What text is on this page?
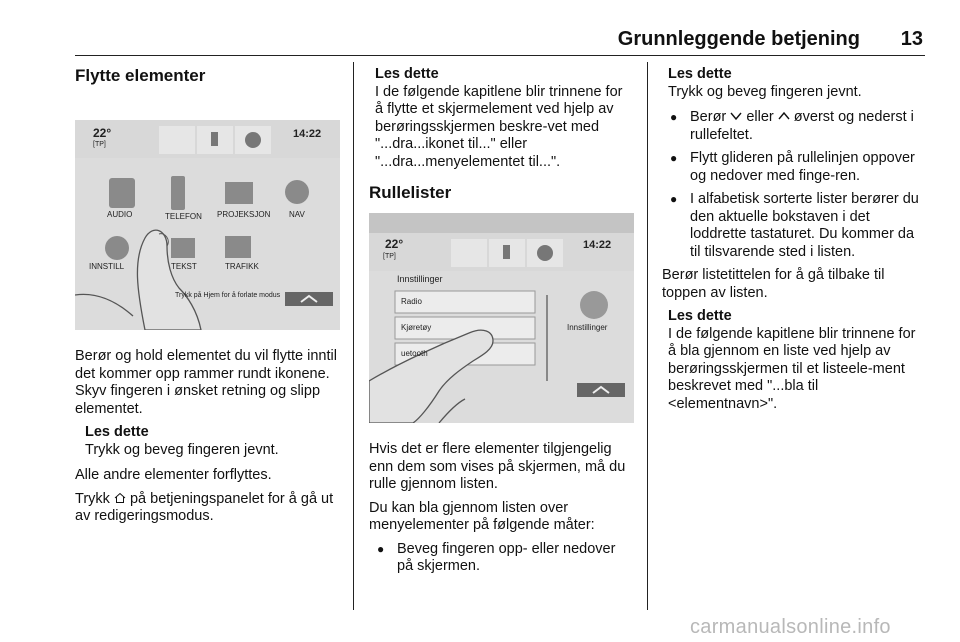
Grunnleggende betjening 13
Flytte elementer
22°
[TP]
14:22
AUDIO	TELEFON PROJEKSJON NAV
INNSTILL	TEKST	TRAFIKK
Trykk på Hjem for å forlate modus

Berør og hold elementet du vil flytte inntil det kommer opp rammer rundt ikonene. Skyv fingeren i ønsket retning og slipp elementet.

Les dette
Trykk og beveg fingeren jevnt.

Alle andre elementer forflyttes.

Trykk på betjeningspanelet for å gå ut av redigeringsmodus.

Les dette
I de følgende kapitlene blir trinnene for å flytte et skjermelement ved hjelp av berøringsskjermen beskre-vet med "...dra...ikonet til..." eller "...dra...menyelementet til...".
Rullelister
22°
[TP]
14:22
Innstillinger
Radio
Kjøretøy
uetooth
Innstillinger

Hvis det er flere elementer tilgjengelig enn dem som vises på skjermen, må du rulle gjennom listen.

Du kan bla gjennom listen over menyelementer på følgende måter:

● Beveg fingeren opp- eller nedover på skjermen.
Les dette
Trykk og beveg fingeren jevnt.
● Berør eller øverst og nederst i rullefeltet.
● Flytt glideren på rullelinjen oppover og nedover med finge-ren.
● I alfabetisk sorterte lister berører du den aktuelle bokstaven i det loddrette tastaturet. Du kommer da til tilsvarende sted i listen.

Berør listetittelen for å gå tilbake til toppen av listen.

Les dette
I de følgende kapitlene blir trinnene for å bla gjennom en liste ved hjelp av berøringsskjermen til et listeele-ment beskrevet med "...bla til <elementnavn>".
carmanualsonline.info
